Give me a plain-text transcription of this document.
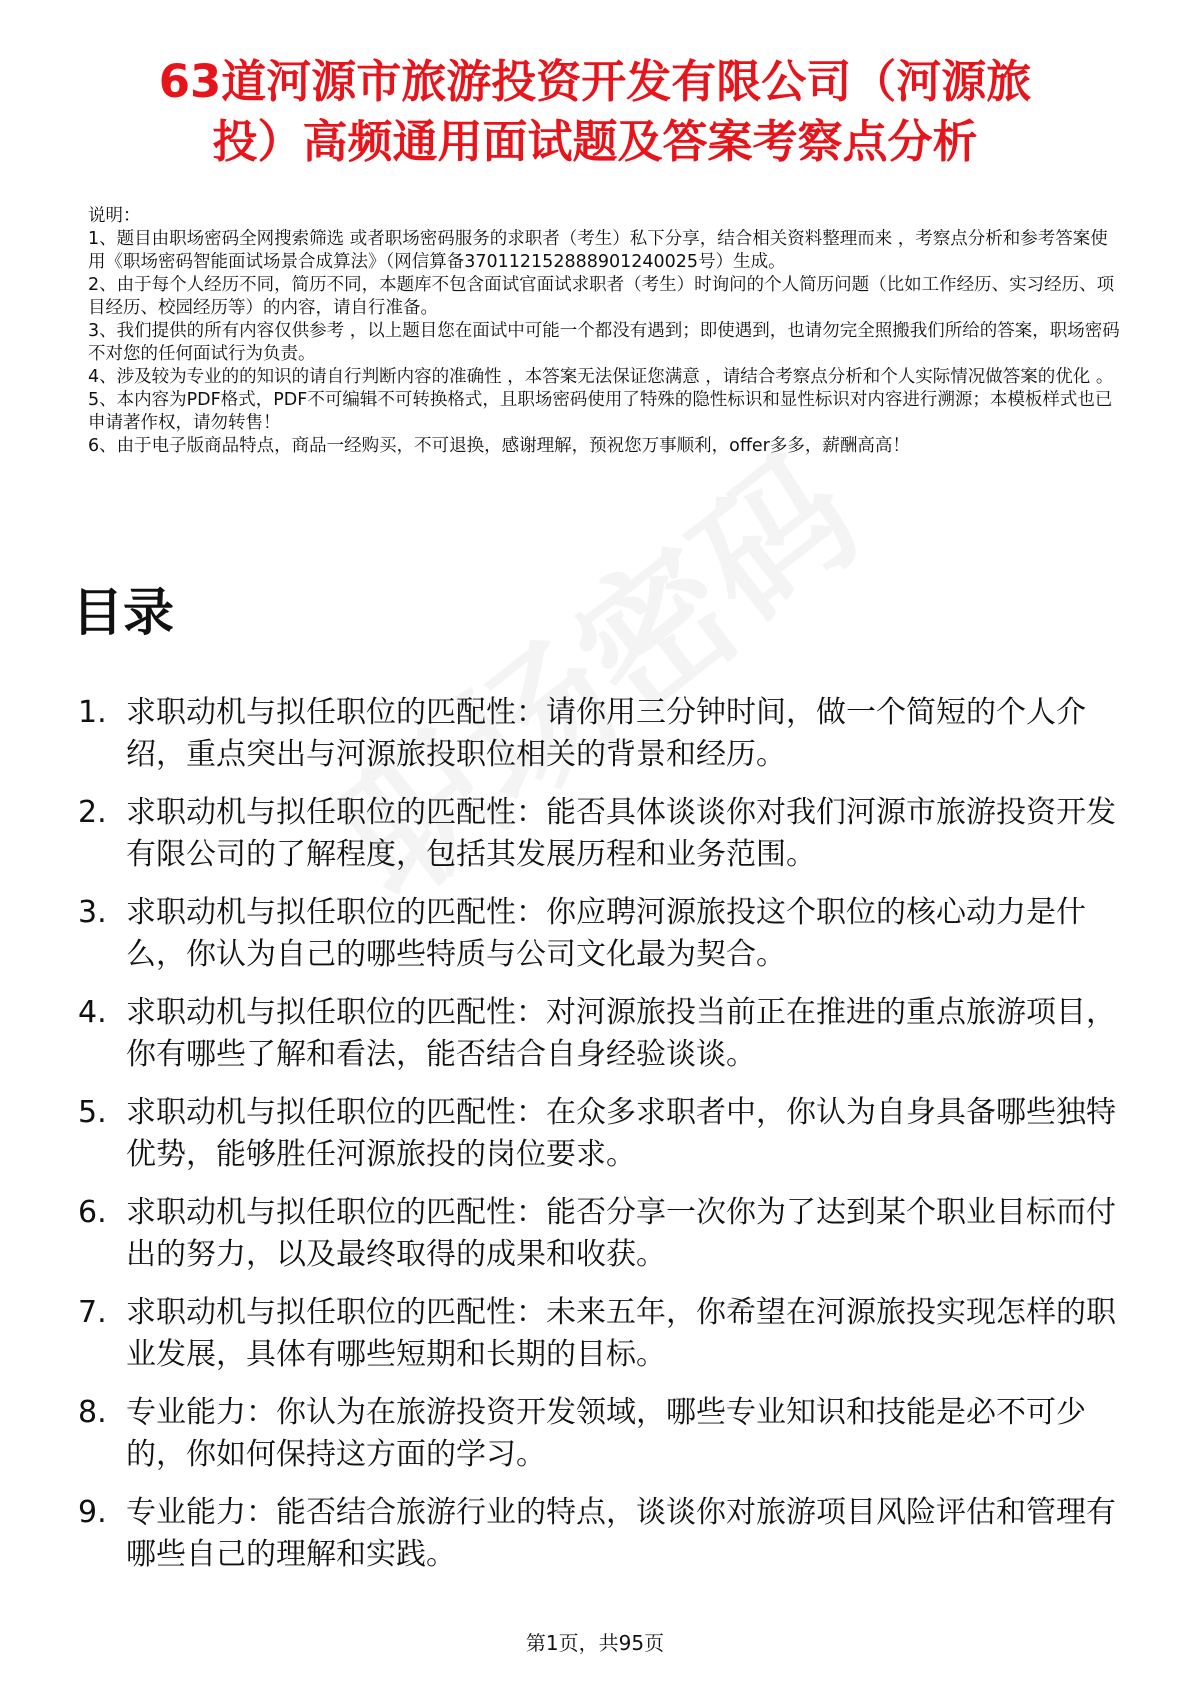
63道河源市旅游投资开发有限公司（河源旅
投）高频通用面试题及答案考察点分析

说明：

1、题目由职场密码全网搜索筛选 或者职场密码服务的求职者（考生）私下分享，结合相关资料整理而来 ，考察点分析和参考答案使用《职场密码智能面试场景合成算法》（网信算备370112152888901240025号）生成。

2、由于每个人经历不同，简历不同，本题库不包含面试官面试求职者（考生）时询问的个人简历问题（比如工作经历、实习经历、项目经历、校园经历等）的内容，请自行准备。

3、我们提供的所有内容仅供参考 ，以上题目您在面试中可能一个都没有遇到；即使遇到，也请勿完全照搬我们所给的答案，职场密码不对您的任何面试行为负责。

4、涉及较为专业的的知识的请自行判断内容的准确性 ，本答案无法保证您满意 ，请结合考察点分析和个人实际情况做答案的优化 。

5、本内容为PDF格式，PDF不可编辑不可转换格式，且职场密码使用了特殊的隐性标识和显性标识对内容进行溯源；本模板样式也已申请著作权，请勿转售！

6、由于电子版商品特点，商品一经购买，不可退换，感谢理解，预祝您万事顺利，offer多多，薪酬高高！

目录
1. 求职动机与拟任职位的匹配性：请你用三分钟时间，做一个简短的个人介绍，重点突出与河源旅投职位相关的背景和经历。
2. 求职动机与拟任职位的匹配性：能否具体谈谈你对我们河源市旅游投资开发有限公司的了解程度，包括其发展历程和业务范围。
3. 求职动机与拟任职位的匹配性：你应聘河源旅投这个职位的核心动力是什么，你认为自己的哪些特质与公司文化最为契合。
4. 求职动机与拟任职位的匹配性：对河源旅投当前正在推进的重点旅游项目，你有哪些了解和看法，能否结合自身经验谈谈。
5. 求职动机与拟任职位的匹配性：在众多求职者中，你认为自身具备哪些独特优势，能够胜任河源旅投的岗位要求。
6. 求职动机与拟任职位的匹配性：能否分享一次你为了达到某个职业目标而付出的努力，以及最终取得的成果和收获。
7. 求职动机与拟任职位的匹配性：未来五年，你希望在河源旅投实现怎样的职业发展，具体有哪些短期和长期的目标。
8. 专业能力：你认为在旅游投资开发领域，哪些专业知识和技能是必不可少的，你如何保持这方面的学习。
9. 专业能力：能否结合旅游行业的特点，谈谈你对旅游项目风险评估和管理有哪些自己的理解和实践。
第1页，共95页
